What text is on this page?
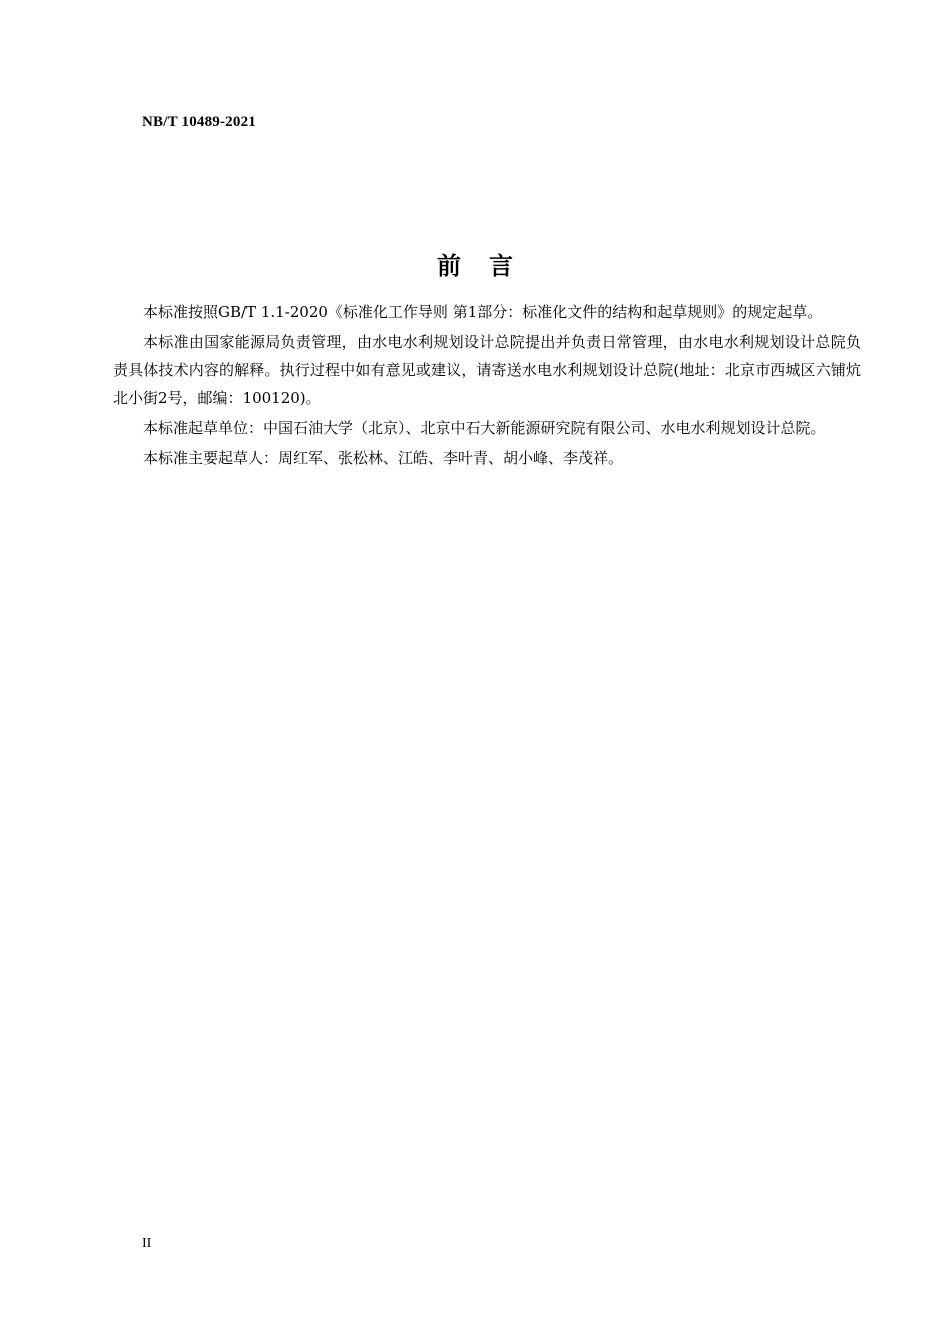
NB/T 10489-2021
前 言

本标准按照GB/T 1.1-2020《标准化工作导则 第1部分：标准化文件的结构和起草规则》的规定起草。

本标准由国家能源局负责管理，由水电水利规划设计总院提出并负责日常管理，由水电水利规划设计总院负责具体技术内容的解释。执行过程中如有意见或建议，请寄送水电水利规划设计总院(地址：北京市西城区六铺炕北小街2号，邮编：100120)。

本标准起草单位：中国石油大学（北京）、北京中石大新能源研究院有限公司、水电水利规划设计总院。

本标准主要起草人：周红军、张松林、江皓、李叶青、胡小峰、李茂祥。

II
